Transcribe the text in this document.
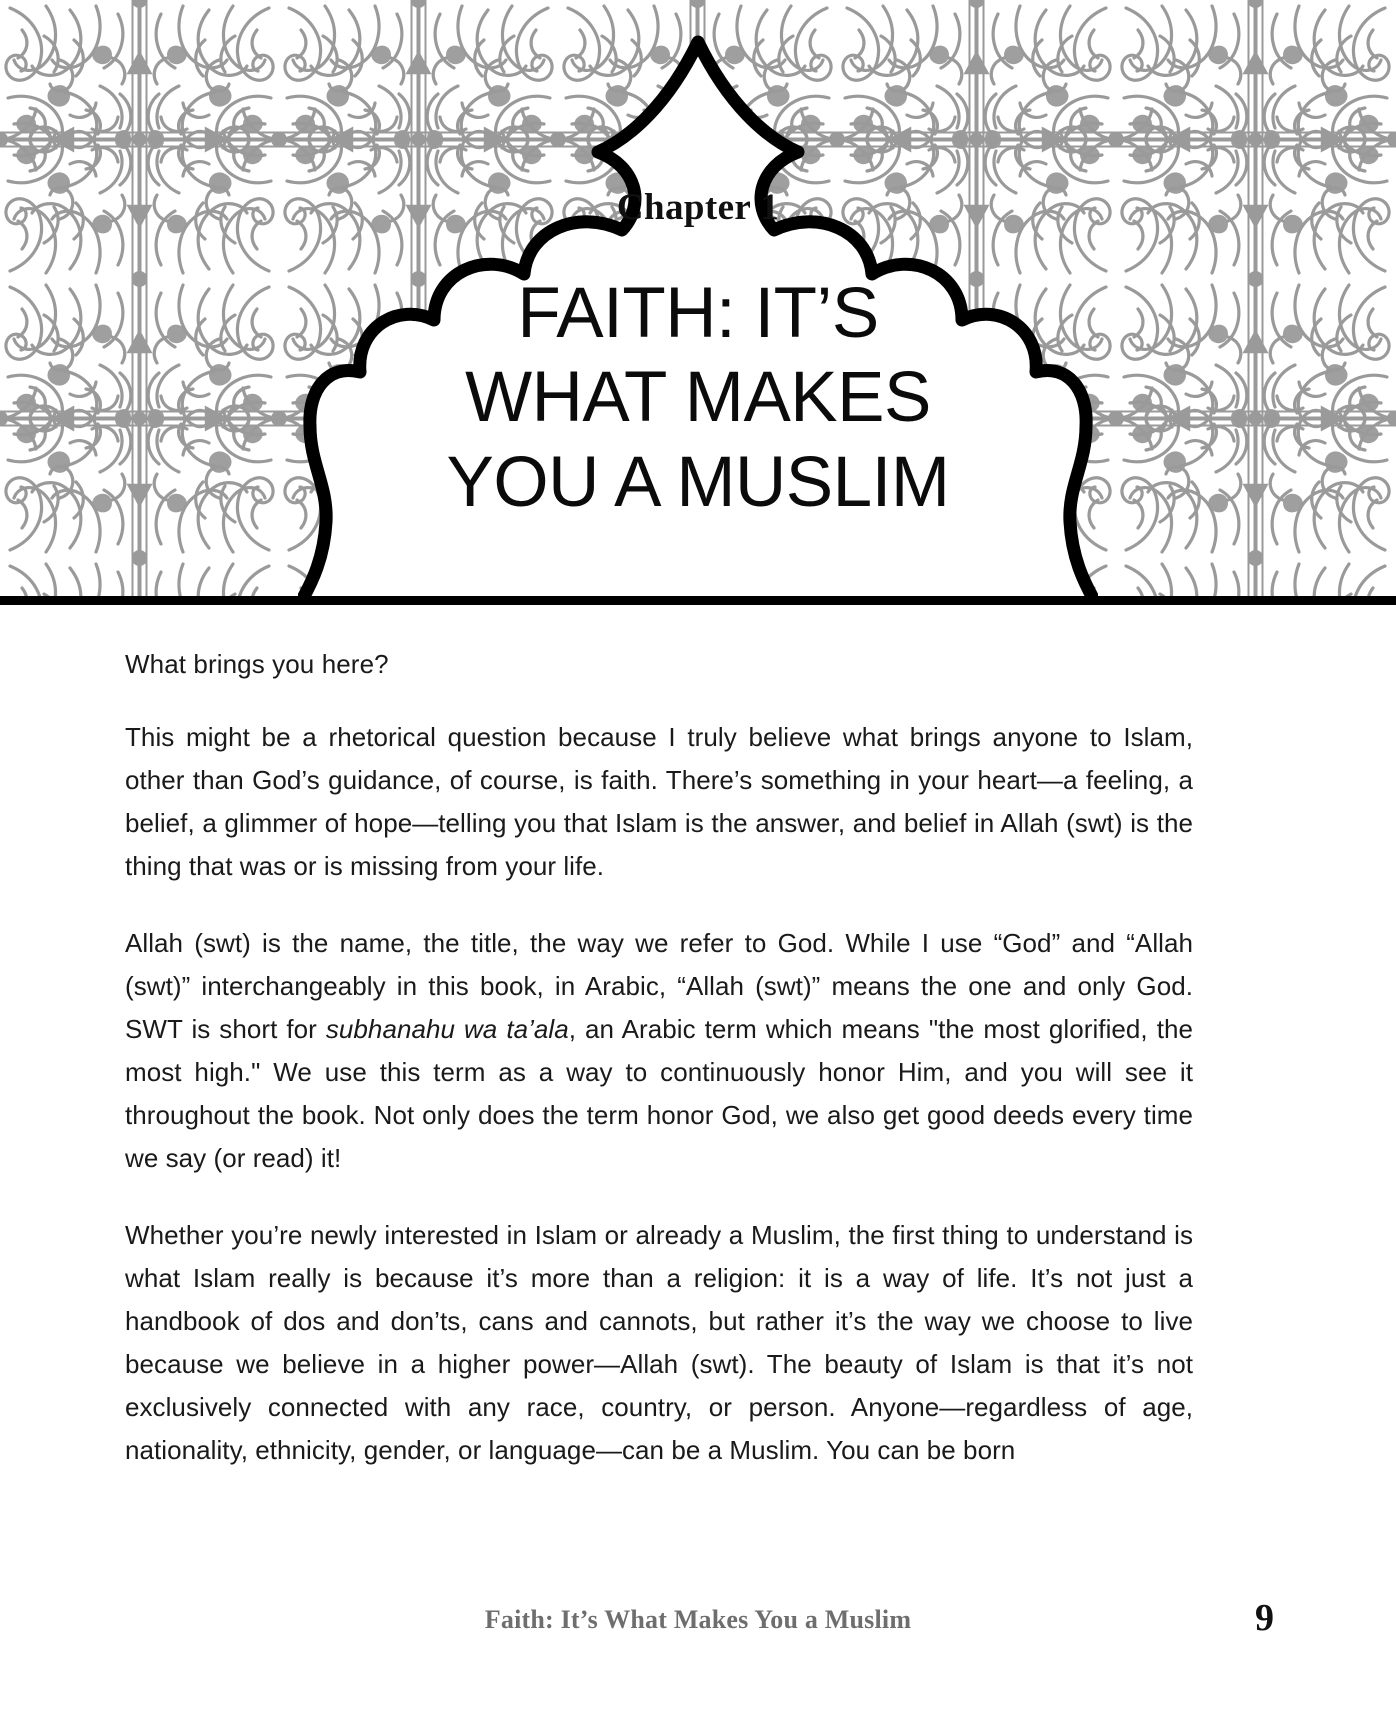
Chapter 1
FAITH: IT’S
WHAT MAKES
YOU A MUSLIM

What brings you here?

This might be a rhetorical question because I truly believe what brings anyone to Islam, other than God’s guidance, of course, is faith. There’s something in your heart—a feeling, a belief, a glimmer of hope—telling you that Islam is the answer, and belief in Allah (swt) is the thing that was or is missing from your life.

Allah (swt) is the name, the title, the way we refer to God. While I use “God” and “Allah (swt)” interchangeably in this book, in Arabic, “Allah (swt)” means the one and only God. SWT is short for subhanahu wa ta’ala, an Arabic term which means "the most glorified, the most high." We use this term as a way to continuously honor Him, and you will see it throughout the book. Not only does the term honor God, we also get good deeds every time we say (or read) it!

Whether you’re newly interested in Islam or already a Muslim, the first thing to understand is what Islam really is because it’s more than a religion: it is a way of life. It’s not just a handbook of dos and don’ts, cans and cannots, but rather it’s the way we choose to live because we believe in a higher power—Allah (swt). The beauty of Islam is that it’s not exclusively connected with any race, country, or person. Anyone—regardless of age, nationality, ethnicity, gender, or language—can be a Muslim. You can be born

Faith: It’s What Makes You a Muslim	9
